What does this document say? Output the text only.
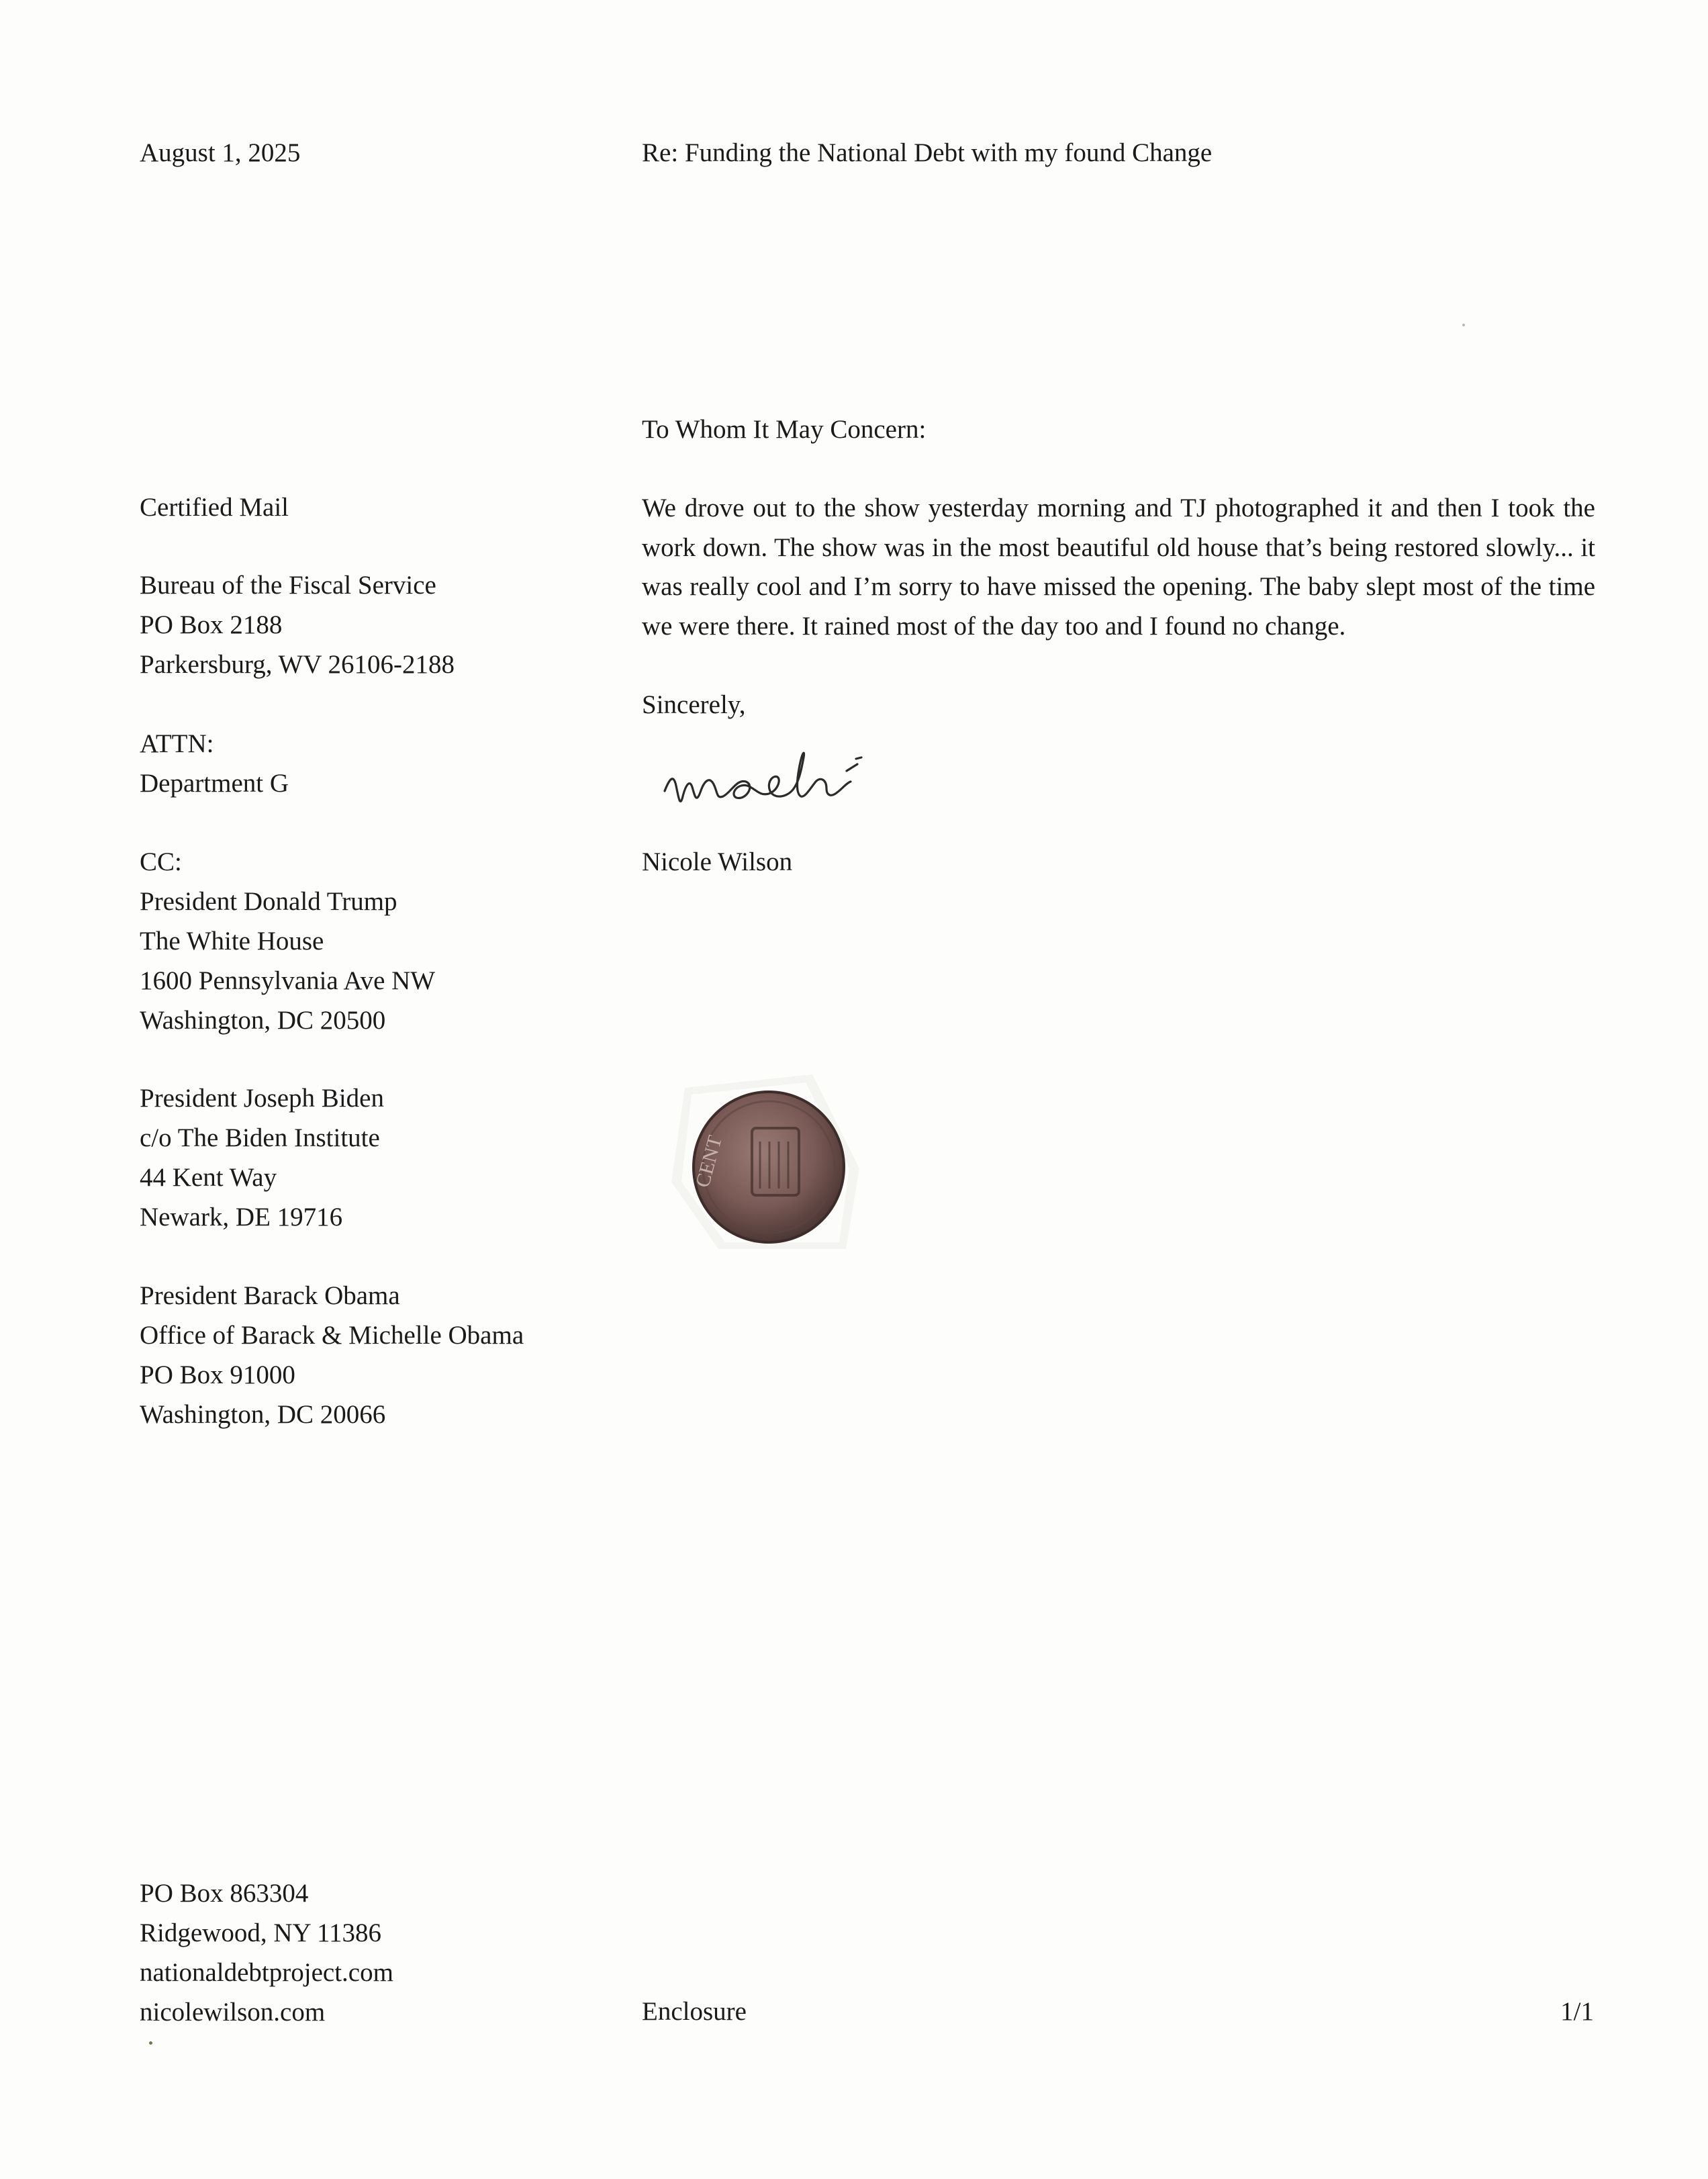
August 1, 2025	Re: Funding the National Debt with my found Change
To Whom It May Concern:
Certified Mail
Bureau of the Fiscal Service
PO Box 2188
Parkersburg, WV 26106-2188
ATTN:
Department G
CC:
President Donald Trump
The White House
1600 Pennsylvania Ave NW
Washington, DC 20500
President Joseph Biden
c/o The Biden Institute
44 Kent Way
Newark, DE 19716
President Barack Obama
Office of Barack & Michelle Obama
PO Box 91000
Washington, DC 20066
We drove out to the show yesterday morning and TJ photographed it and then I took the work down. The show was in the most beautiful old house that’s being restored slowly... it was really cool and I’m sorry to have missed the opening. The baby slept most of the time we were there. It rained most of the day too and I found no change.
Sincerely,
Nicole Wilson
CENT
PO Box 863304
Ridgewood, NY 11386
nationaldebtproject.com
nicolewilson.com	Enclosure	1/1
